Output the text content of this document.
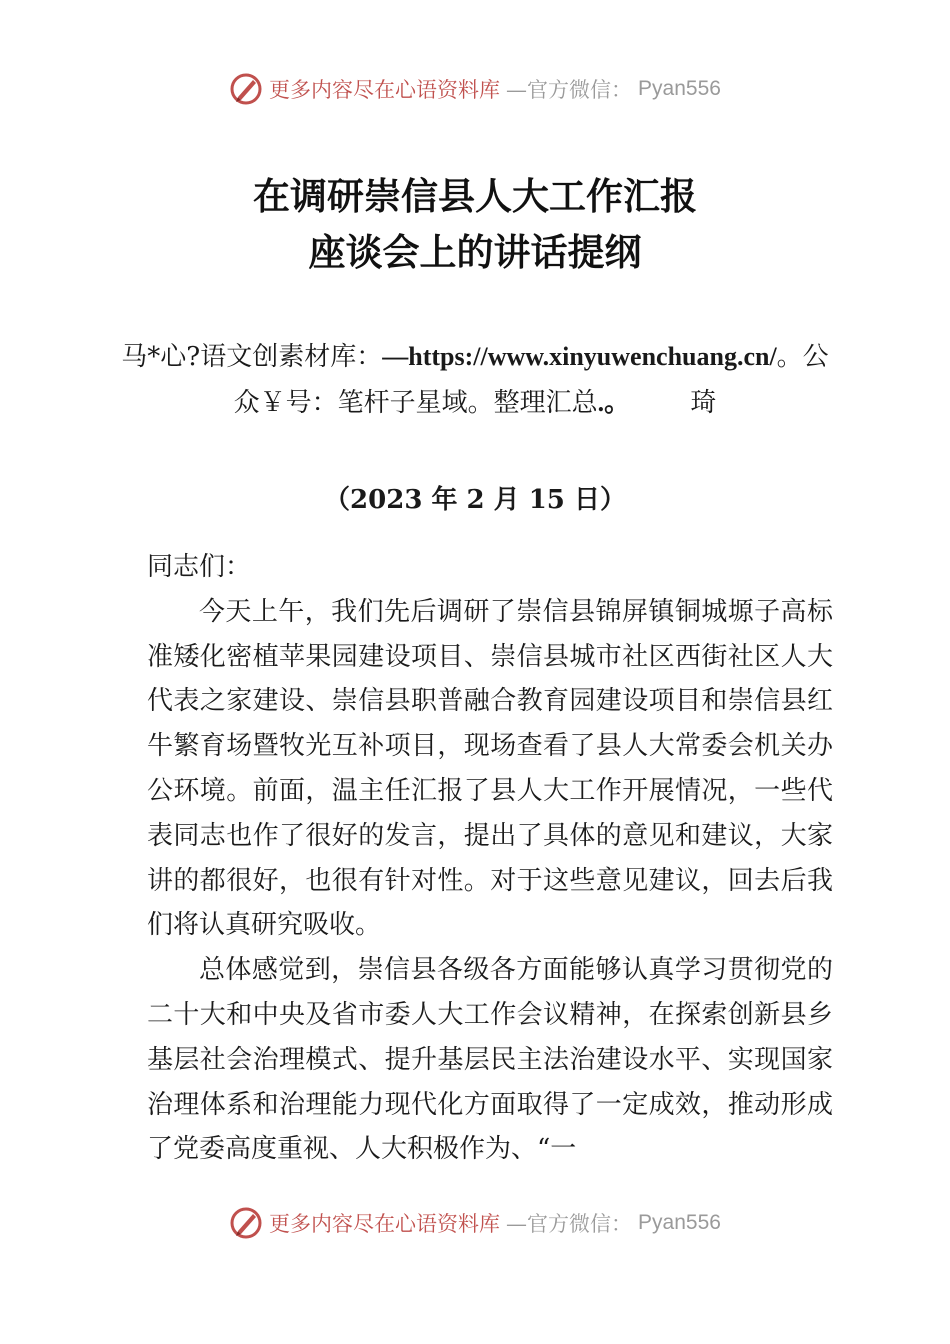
更多内容尽在心语资料库 —官方微信： Pyan556
在调研崇信县人大工作汇报
座谈会上的讲话提纲
马*心?语文创素材库：—https://www.xinyuwenchuang.cn/。公众￥号：笔杆子星域。整理汇总.。   琦
（2023 年 2 月 15 日）

同志们：

今天上午，我们先后调研了崇信县锦屏镇铜城塬子高标准矮化密植苹果园建设项目、崇信县城市社区西街社区人大代表之家建设、崇信县职普融合教育园建设项目和崇信县红牛繁育场暨牧光互补项目，现场查看了县人大常委会机关办公环境。前面，温主任汇报了县人大工作开展情况，一些代表同志也作了很好的发言，提出了具体的意见和建议，大家讲的都很好，也很有针对性。对于这些意见建议，回去后我们将认真研究吸收。

总体感觉到，崇信县各级各方面能够认真学习贯彻党的二十大和中央及省市委人大工作会议精神，在探索创新县乡基层社会治理模式、提升基层民主法治建设水平、实现国家治理体系和治理能力现代化方面取得了一定成效，推动形成了党委高度重视、人大积极作为、“一

更多内容尽在心语资料库 —官方微信： Pyan556
